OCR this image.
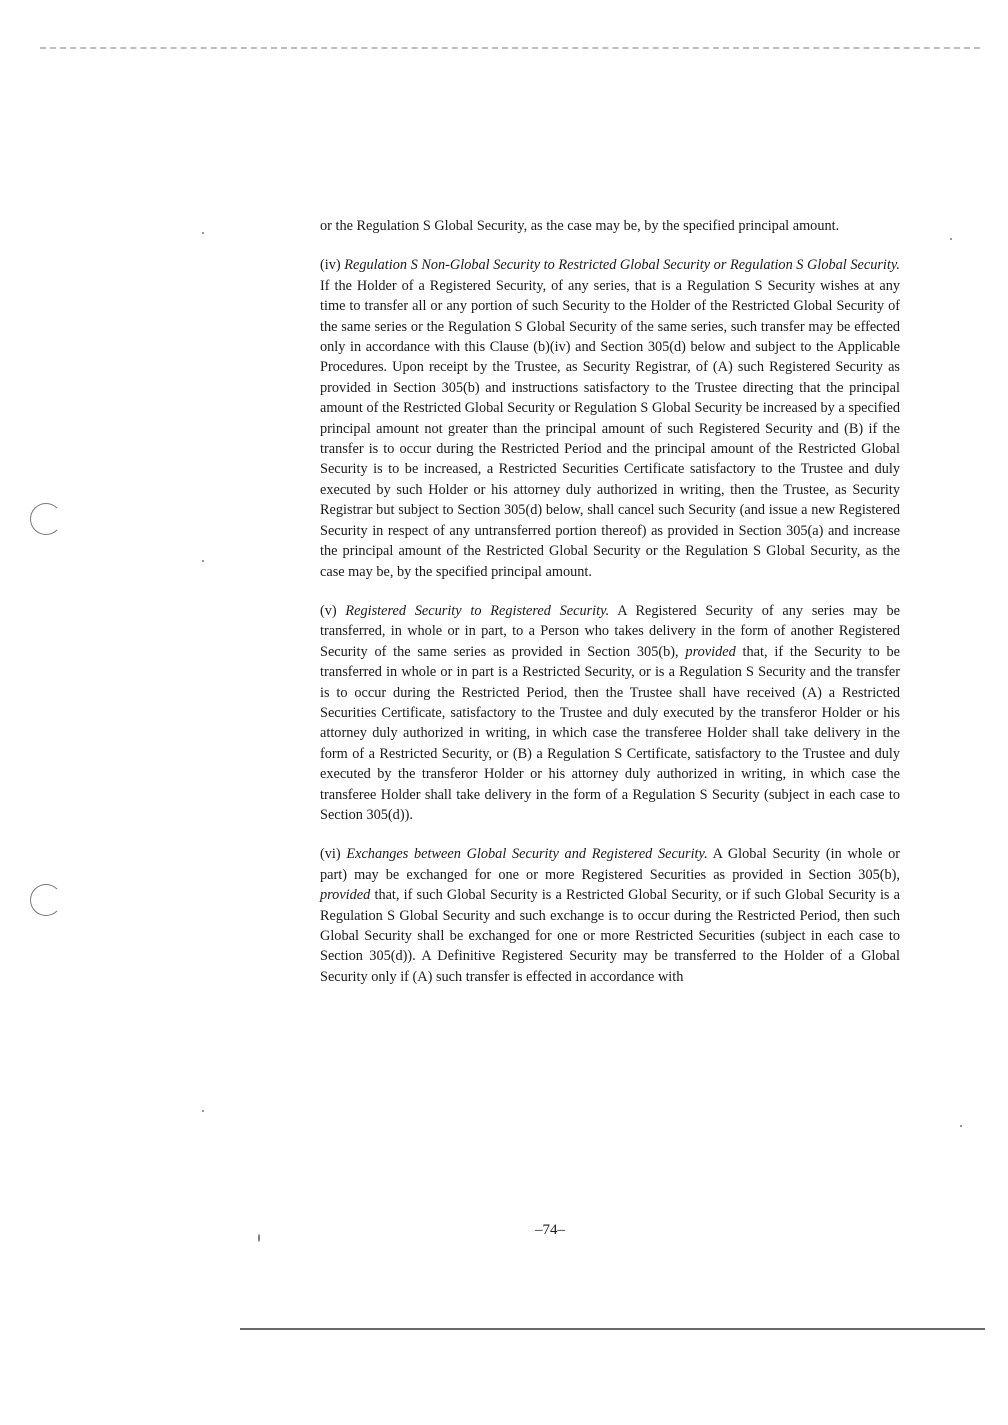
or the Regulation S Global Security, as the case may be, by the specified principal amount.

(iv) Regulation S Non-Global Security to Restricted Global Security or Regulation S Global Security. If the Holder of a Registered Security, of any series, that is a Regulation S Security wishes at any time to transfer all or any portion of such Security to the Holder of the Restricted Global Security of the same series or the Regulation S Global Security of the same series, such transfer may be effected only in accordance with this Clause (b)(iv) and Section 305(d) below and subject to the Applicable Procedures. Upon receipt by the Trustee, as Security Registrar, of (A) such Registered Security as provided in Section 305(b) and instructions satisfactory to the Trustee directing that the principal amount of the Restricted Global Security or Regulation S Global Security be increased by a specified principal amount not greater than the principal amount of such Registered Security and (B) if the transfer is to occur during the Restricted Period and the principal amount of the Restricted Global Security is to be increased, a Restricted Securities Certificate satisfactory to the Trustee and duly executed by such Holder or his attorney duly authorized in writing, then the Trustee, as Security Registrar but subject to Section 305(d) below, shall cancel such Security (and issue a new Registered Security in respect of any untransferred portion thereof) as provided in Section 305(a) and increase the principal amount of the Restricted Global Security or the Regulation S Global Security, as the case may be, by the specified principal amount.

(v) Registered Security to Registered Security. A Registered Security of any series may be transferred, in whole or in part, to a Person who takes delivery in the form of another Registered Security of the same series as provided in Section 305(b), provided that, if the Security to be transferred in whole or in part is a Restricted Security, or is a Regulation S Security and the transfer is to occur during the Restricted Period, then the Trustee shall have received (A) a Restricted Securities Certificate, satisfactory to the Trustee and duly executed by the transferor Holder or his attorney duly authorized in writing, in which case the transferee Holder shall take delivery in the form of a Restricted Security, or (B) a Regulation S Certificate, satisfactory to the Trustee and duly executed by the transferor Holder or his attorney duly authorized in writing, in which case the transferee Holder shall take delivery in the form of a Regulation S Security (subject in each case to Section 305(d)).

(vi) Exchanges between Global Security and Registered Security. A Global Security (in whole or part) may be exchanged for one or more Registered Securities as provided in Section 305(b), provided that, if such Global Security is a Restricted Global Security, or if such Global Security is a Regulation S Global Security and such exchange is to occur during the Restricted Period, then such Global Security shall be exchanged for one or more Restricted Securities (subject in each case to Section 305(d)). A Definitive Registered Security may be transferred to the Holder of a Global Security only if (A) such transfer is effected in accordance with

–74–
